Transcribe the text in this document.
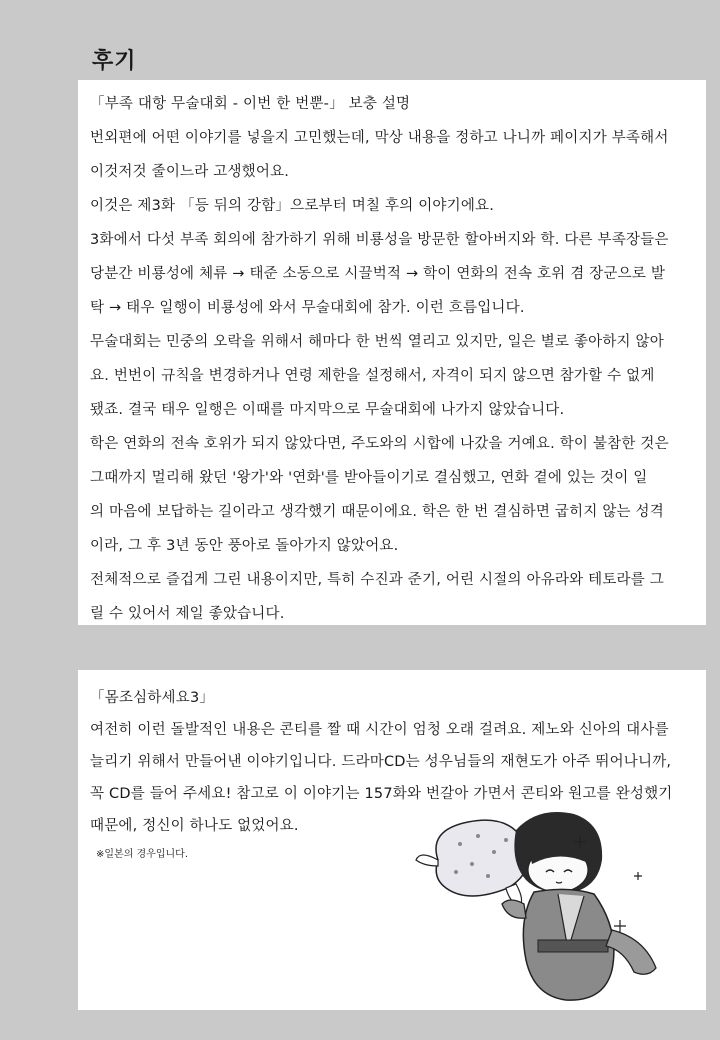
후기
「부족 대항 무술대회 - 이번 한 번뿐-」 보충 설명
번외편에 어떤 이야기를 넣을지 고민했는데, 막상 내용을 정하고 나니까 페이지가 부족해서
이것저것 줄이느라 고생했어요.
이것은 제3화 「등 뒤의 강함」으로부터 며칠 후의 이야기에요.
3화에서 다섯 부족 회의에 참가하기 위해 비룡성을 방문한 할아버지와 학. 다른 부족장들은
당분간 비룡성에 체류 → 태준 소동으로 시끌벅적 → 학이 연화의 전속 호위 겸 장군으로 발
탁 → 태우 일행이 비룡성에 와서 무술대회에 참가. 이런 흐름입니다.
무술대회는 민중의 오락을 위해서 해마다 한 번씩 열리고 있지만, 일은 별로 좋아하지 않아
요. 번번이 규칙을 변경하거나 연령 제한을 설정해서, 자격이 되지 않으면 참가할 수 없게
됐죠. 결국 태우 일행은 이때를 마지막으로 무술대회에 나가지 않았습니다.
학은 연화의 전속 호위가 되지 않았다면, 주도와의 시합에 나갔을 거예요. 학이 불참한 것은
그때까지 멀리해 왔던 '왕가'와 '연화'를 받아들이기로 결심했고, 연화 곁에 있는 것이 일
의 마음에 보답하는 길이라고 생각했기 때문이에요. 학은 한 번 결심하면 굽히지 않는 성격
이라, 그 후 3년 동안 풍아로 돌아가지 않았어요.
전체적으로 즐겁게 그린 내용이지만, 특히 수진과 준기, 어린 시절의 아유라와 테토라를 그
릴 수 있어서 제일 좋았습니다.
「몸조심하세요3」
여전히 이런 돌발적인 내용은 콘티를 짤 때 시간이 엄청 오래 걸려요. 제노와 신아의 대사를
늘리기 위해서 만들어낸 이야기입니다. 드라마CD는 성우님들의 재현도가 아주 뛰어나니까,
꼭 CD를 들어 주세요! 참고로 이 이야기는 157화와 번갈아 가면서 콘티와 원고를 완성했기
때문에, 정신이 하나도 없었어요.
※일본의 경우입니다.
